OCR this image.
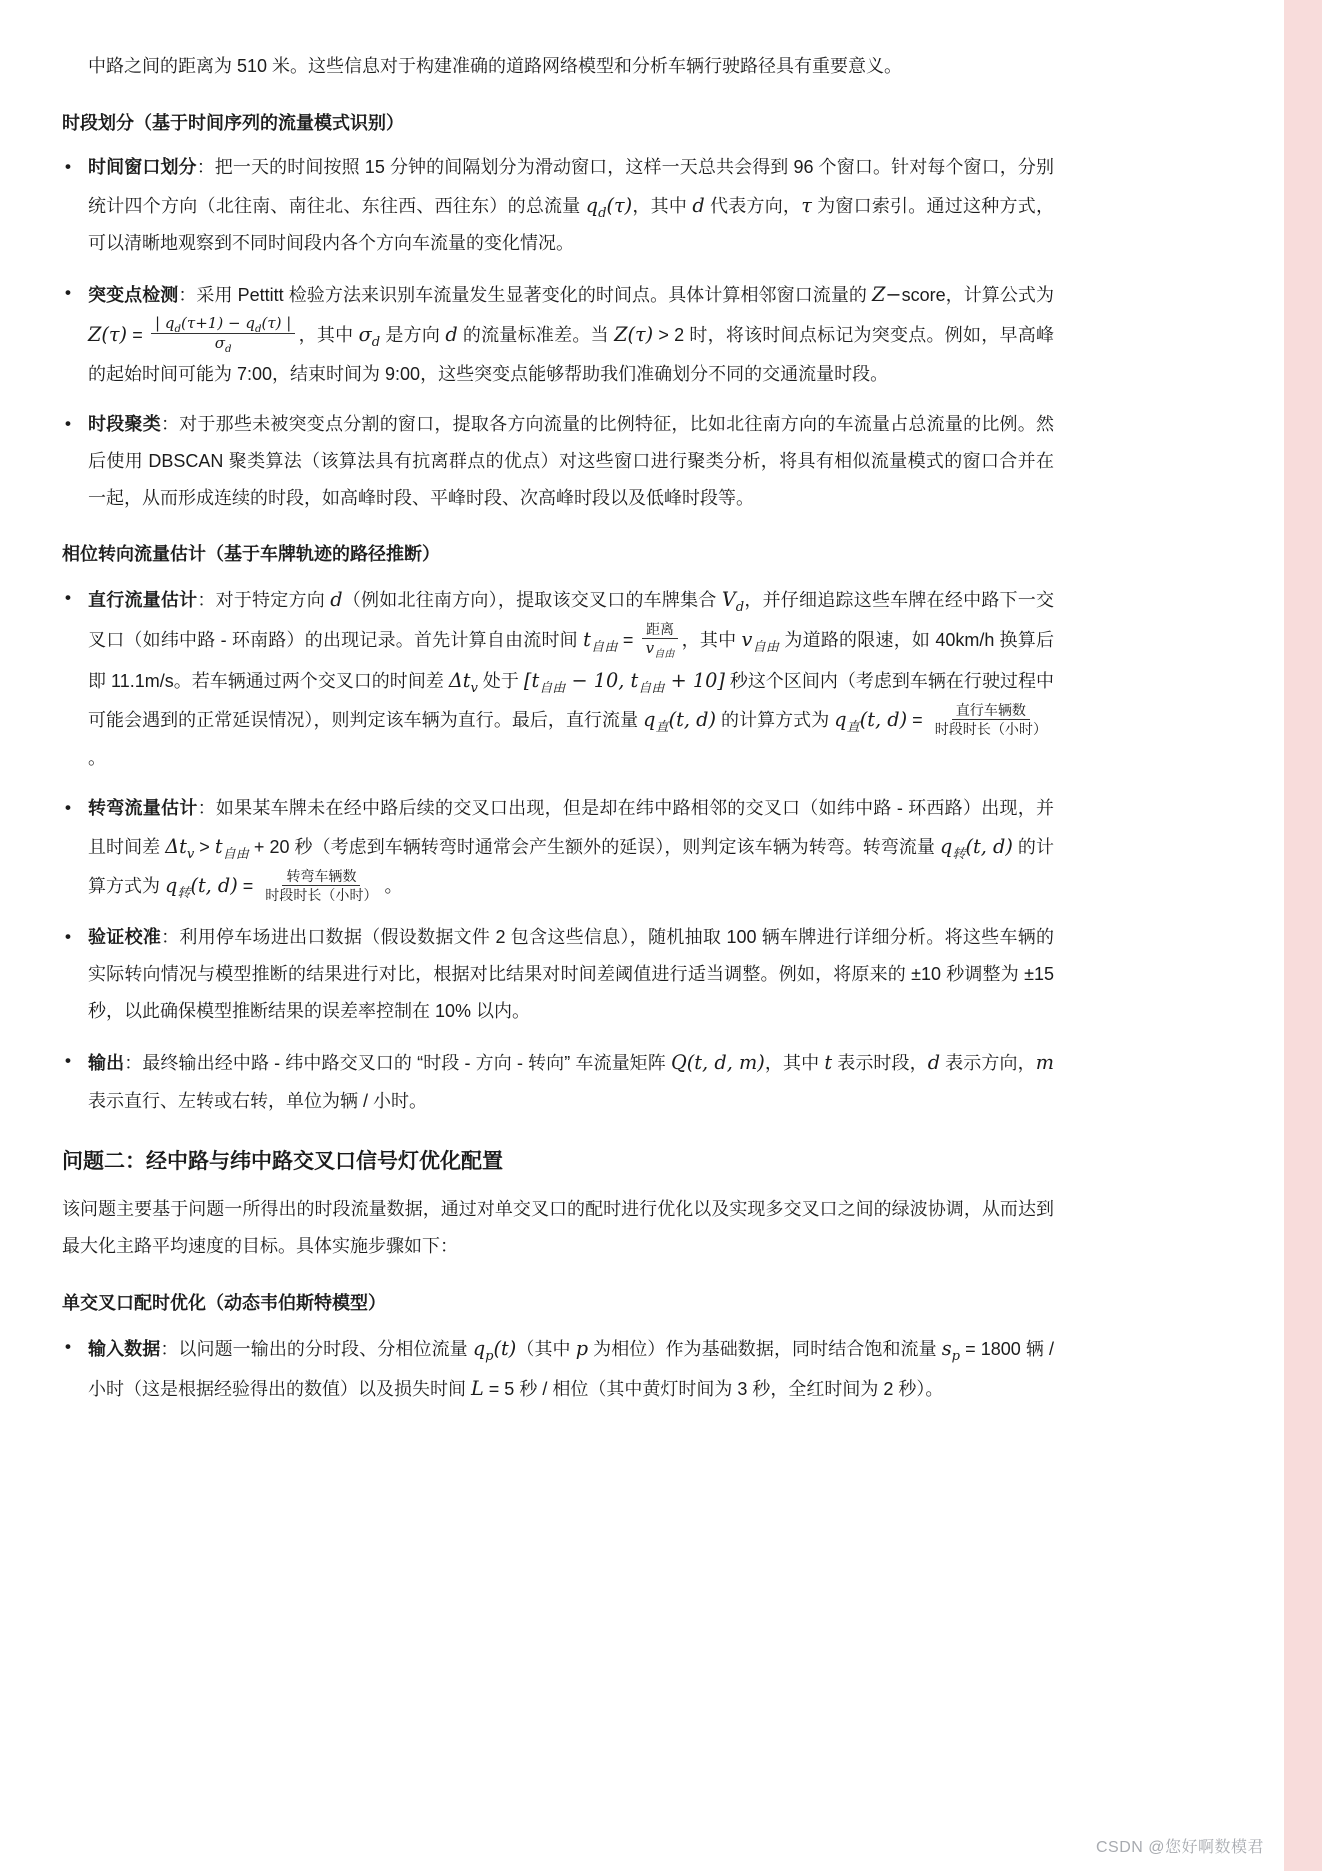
中路之间的距离为 510 米。这些信息对于构建准确的道路网络模型和分析车辆行驶路径具有重要意义。
时段划分（基于时间序列的流量模式识别）
• 时间窗口划分：把一天的时间按照 15 分钟的间隔划分为滑动窗口，这样一天总共会得到 96 个窗口。针对每个窗口，分别统计四个方向（北往南、南往北、东往西、西往东）的总流量 $q_d(\tau)$，其中 d 代表方向，τ 为窗口索引。通过这种方式，可以清晰地观察到不同时间段内各个方向车流量的变化情况。
• 突变点检测：采用 Pettitt 检验方法来识别车流量发生显著变化的时间点。具体计算相邻窗口流量的 Z−score，计算公式为 $Z(\tau) = \frac{| q_d(\tau+1) - q_d(\tau) |}{\sigma_d}$ ，其中 $\sigma_d$ 是方向 d 的流量标准差。当 Z(τ) > 2 时，将该时间点标记为突变点。例如，早高峰的起始时间可能为 7:00，结束时间为 9:00，这些突变点能够帮助我们准确划分不同的交通流量时段。
• 时段聚类：对于那些未被突变点分割的窗口，提取各方向流量的比例特征，比如北往南方向的车流量占总流量的比例。然后使用 DBSCAN 聚类算法（该算法具有抗离群点的优点）对这些窗口进行聚类分析，将具有相似流量模式的窗口合并在一起，从而形成连续的时段，如高峰时段、平峰时段、次高峰时段以及低峰时段等。
相位转向流量估计（基于车牌轨迹的路径推断）
• 直行流量估计：对于特定方向 d（例如北往南方向），提取该交叉口的车牌集合 $V_d$，并仔细追踪这些车牌在经中路下一交叉口（如纬中路 - 环南路）的出现记录。首先计算自由流时间 $t_{自由} = \frac{\text{距离}}{v_{自由}}$ ，其中 $v_{自由}$ 为道路的限速，如 40km/h 换算后即 11.1m/s。若车辆通过两个交叉口的时间差 $\Delta t_v$ 处于 [$t_{自由} - 10$, $t_{自由} + 10$] 秒这个区间内（考虑到车辆在行驶过程中可能会遇到的正常延误情况），则判定该车辆为直行。最后，直行流量 $q_直(t$, d) 的计算方式为 $q_直(t$, $d) = \frac{\text{直行车辆数}}{\text{时段时长（小时）}}$
。
• 转弯流量估计：如果某车牌未在经中路后续的交叉口出现，但是却在纬中路相邻的交叉口（如纬中路 - 环西路）出现，并且时间差 $\Delta t_v > t_{自由} + 20$ 秒（考虑到车辆转弯时通常会产生额外的延误），则判定该车辆为转弯。转弯流量 $q_转(t$, d) 的计算方式为 $q_转(t$, $d) = \frac{\text{转弯车辆数}}{\text{时段时长（小时）}}$ 。
• 验证校准：利用停车场进出口数据（假设数据文件 2 包含这些信息），随机抽取 100 辆车牌进行详细分析。将这些车辆的实际转向情况与模型推断的结果进行对比，根据对比结果对时间差阈值进行适当调整。例如，将原来的 ±10 秒调整为 ±15 秒，以此确保模型推断结果的误差率控制在 10% 以内。
• 输出：最终输出经中路 - 纬中路交叉口的 “时段 - 方向 - 转向” 车流量矩阵 Q(t, d, m)，其中 t 表示时段，d 表示方向，m 表示直行、左转或右转，单位为辆 / 小时。
问题二：经中路与纬中路交叉口信号灯优化配置
该问题主要基于问题一所得出的时段流量数据，通过对单交叉口的配时进行优化以及实现多交叉口之间的绿波协调，从而达到最大化主路平均速度的目标。具体实施步骤如下：
单交叉口配时优化（动态韦伯斯特模型）
• 输入数据：以问题一输出的分时段、分相位流量 $q_p(t)$（其中 p 为相位）作为基础数据，同时结合饱和流量 $s_p = 1800$ 辆 / 小时（这是根据经验得出的数值）以及损失时间 L = 5 秒 / 相位（其中黄灯时间为 3 秒，全红时间为 2 秒）。
CSDN @您好啊数模君
